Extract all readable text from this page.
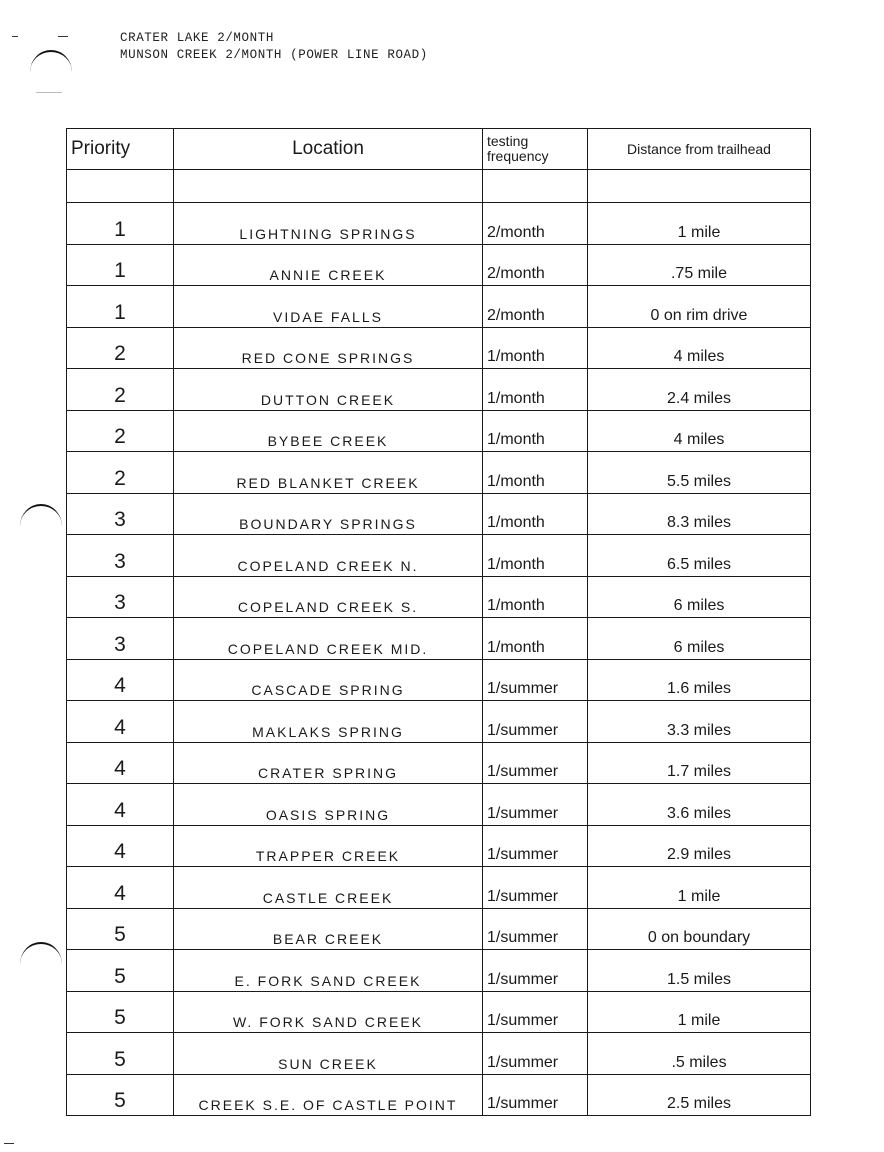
CRATER LAKE 2/MONTH
MUNSON CREEK 2/MONTH (POWER LINE ROAD)
Priority	Location	testing frequency	Distance from trailhead

1	LIGHTNING SPRINGS	2/month	1 mile
1	ANNIE CREEK	2/month	.75 mile
1	VIDAE FALLS	2/month	0 on rim drive
2	RED CONE SPRINGS	1/month	4 miles
2	DUTTON CREEK	1/month	2.4 miles
2	BYBEE CREEK	1/month	4 miles
2	RED BLANKET CREEK	1/month	5.5 miles
3	BOUNDARY SPRINGS	1/month	8.3 miles
3	COPELAND CREEK N.	1/month	6.5 miles
3	COPELAND CREEK S.	1/month	6 miles
3	COPELAND CREEK MID.	1/month	6 miles
4	CASCADE SPRING	1/summer	1.6 miles
4	MAKLAKS SPRING	1/summer	3.3 miles
4	CRATER SPRING	1/summer	1.7 miles
4	OASIS SPRING	1/summer	3.6 miles
4	TRAPPER CREEK	1/summer	2.9 miles
4	CASTLE CREEK	1/summer	1 mile
5	BEAR CREEK	1/summer	0 on boundary
5	E. FORK SAND CREEK	1/summer	1.5 miles
5	W. FORK SAND CREEK	1/summer	1 mile
5	SUN CREEK	1/summer	.5 miles
5	CREEK S.E. OF CASTLE POINT	1/summer	2.5 miles
